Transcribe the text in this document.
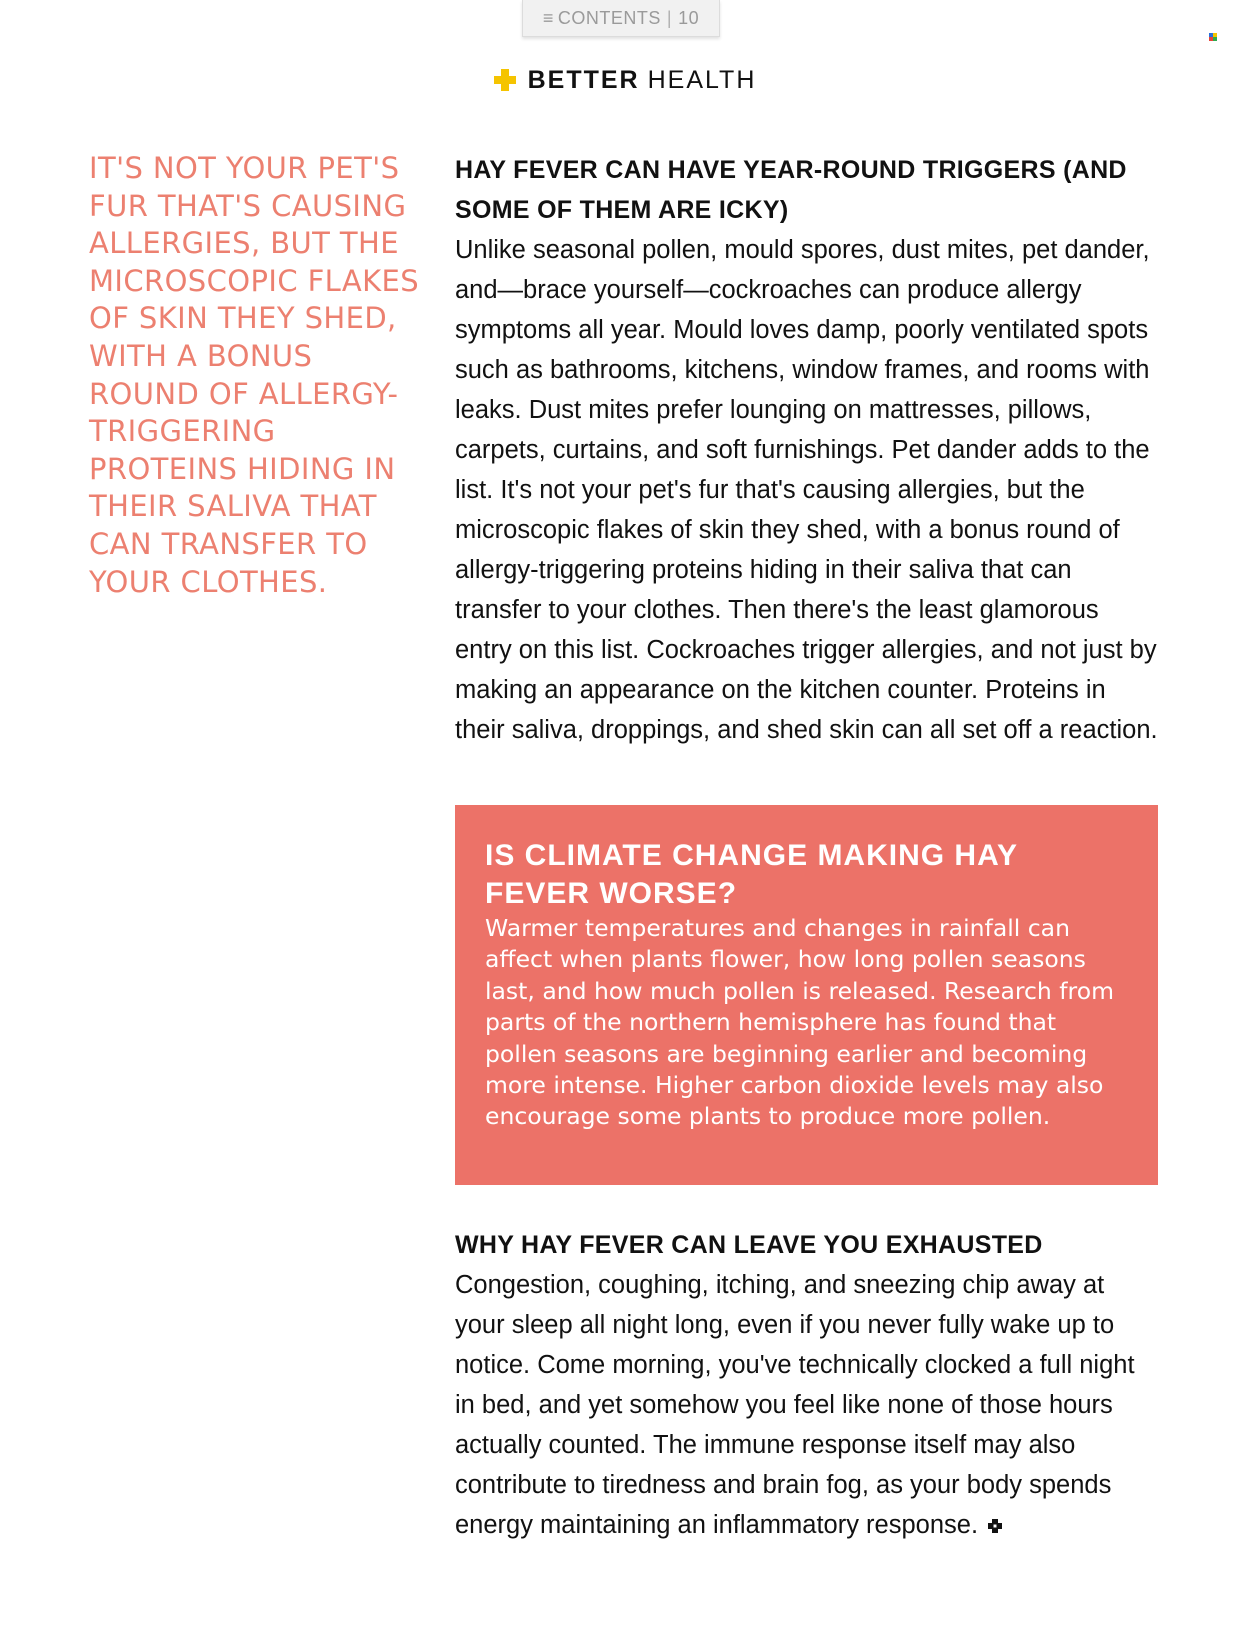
≡ CONTENTS | 10
BETTER HEALTH

IT'S NOT YOUR PET'S FUR THAT'S CAUSING ALLERGIES, BUT THE MICROSCOPIC FLAKES OF SKIN THEY SHED, WITH A BONUS ROUND OF ALLERGY-TRIGGERING PROTEINS HIDING IN THEIR SALIVA THAT CAN TRANSFER TO YOUR CLOTHES.

HAY FEVER CAN HAVE YEAR-ROUND TRIGGERS (AND SOME OF THEM ARE ICKY)

Unlike seasonal pollen, mould spores, dust mites, pet dander, and—brace yourself—cockroaches can produce allergy symptoms all year. Mould loves damp, poorly ventilated spots such as bathrooms, kitchens, window frames, and rooms with leaks. Dust mites prefer lounging on mattresses, pillows, carpets, curtains, and soft furnishings. Pet dander adds to the list. It's not your pet's fur that's causing allergies, but the microscopic flakes of skin they shed, with a bonus round of allergy-triggering proteins hiding in their saliva that can transfer to your clothes. Then there's the least glamorous entry on this list. Cockroaches trigger allergies, and not just by making an appearance on the kitchen counter. Proteins in their saliva, droppings, and shed skin can all set off a reaction.

IS CLIMATE CHANGE MAKING HAY FEVER WORSE?

Warmer temperatures and changes in rainfall can affect when plants flower, how long pollen seasons last, and how much pollen is released. Research from parts of the northern hemisphere has found that pollen seasons are beginning earlier and becoming more intense. Higher carbon dioxide levels may also encourage some plants to produce more pollen.

WHY HAY FEVER CAN LEAVE YOU EXHAUSTED

Congestion, coughing, itching, and sneezing chip away at your sleep all night long, even if you never fully wake up to notice. Come morning, you've technically clocked a full night in bed, and yet somehow you feel like none of those hours actually counted. The immune response itself may also contribute to tiredness and brain fog, as your body spends energy maintaining an inflammatory response.
